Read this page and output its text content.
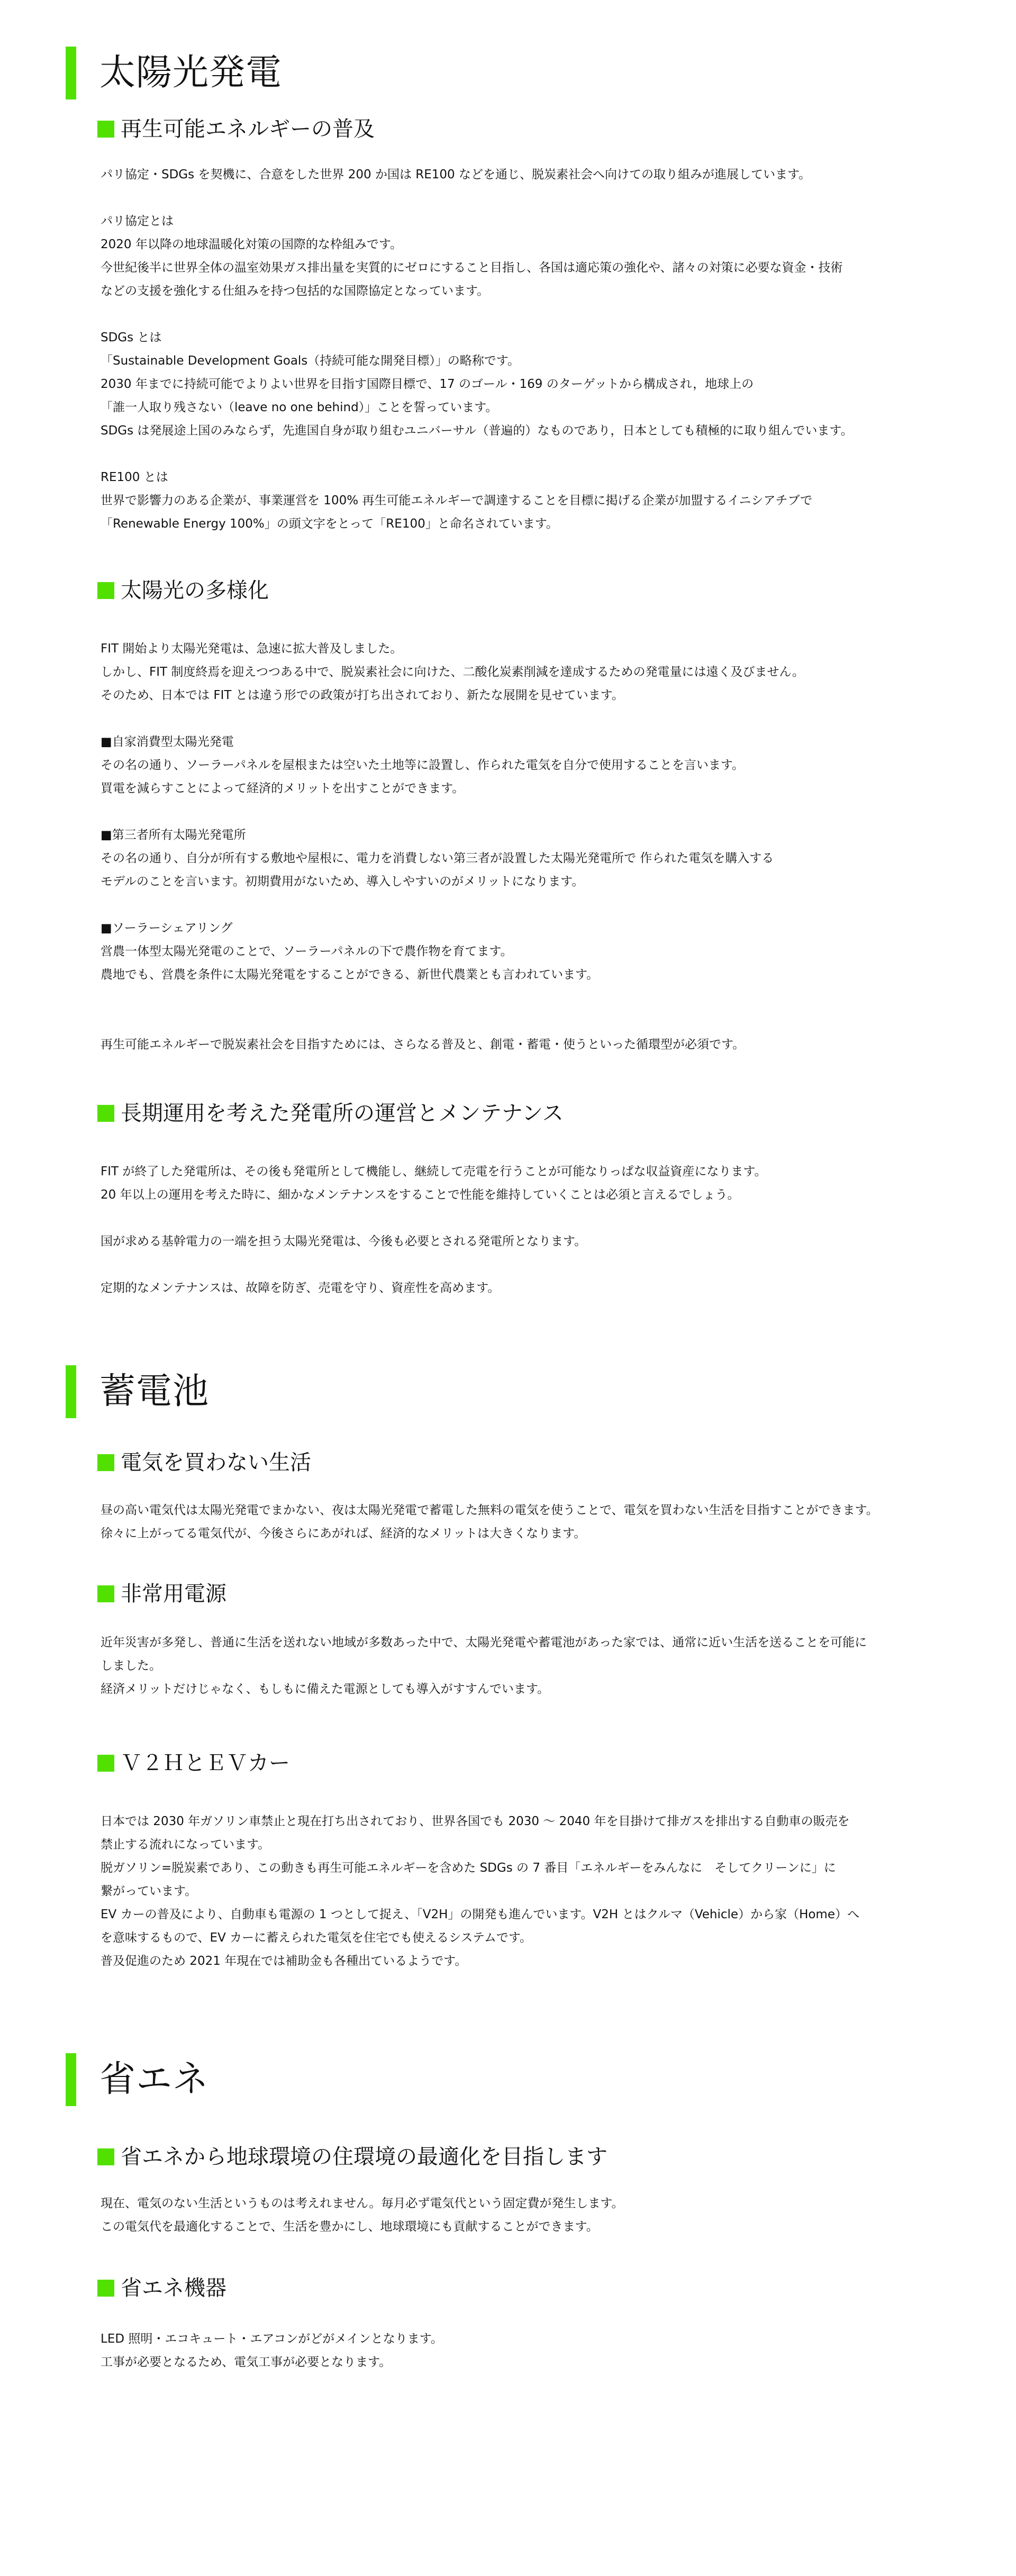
太陽光発電
再生可能エネルギーの普及
パリ協定・SDGs を契機に、合意をした世界 200 か国は RE100 などを通じ、脱炭素社会へ向けての取り組みが進展しています。
パリ協定とは
2020 年以降の地球温暖化対策の国際的な枠組みです。
今世紀後半に世界全体の温室効果ガス排出量を実質的にゼロにすること目指し、各国は適応策の強化や、諸々の対策に必要な資金・技術
などの支援を強化する仕組みを持つ包括的な国際協定となっています。
SDGs とは
「Sustainable Development Goals（持続可能な開発目標）」の略称です。
2030 年までに持続可能でよりよい世界を目指す国際目標で、17 のゴール・169 のターゲットから構成され，地球上の
「誰一人取り残さない（leave no one behind）」ことを誓っています。
SDGs は発展途上国のみならず，先進国自身が取り組むユニバーサル（普遍的）なものであり，日本としても積極的に取り組んでいます。
RE100 とは
世界で影響力のある企業が、事業運営を 100% 再生可能エネルギーで調達することを目標に掲げる企業が加盟するイニシアチブで
「Renewable Energy 100%」の頭文字をとって「RE100」と命名されています。
太陽光の多様化
FIT 開始より太陽光発電は、急速に拡大普及しました。
しかし、FIT 制度終焉を迎えつつある中で、脱炭素社会に向けた、二酸化炭素削減を達成するための発電量には遠く及びません。
そのため、日本では FIT とは違う形での政策が打ち出されており、新たな展開を見せています。
■自家消費型太陽光発電
その名の通り、ソーラーパネルを屋根または空いた土地等に設置し、作られた電気を自分で使用することを言います。
買電を減らすことによって経済的メリットを出すことができます。
■第三者所有太陽光発電所
その名の通り、自分が所有する敷地や屋根に、電力を消費しない第三者が設置した太陽光発電所で 作られた電気を購入する
モデルのことを言います。初期費用がないため、導入しやすいのがメリットになります。
■ソーラーシェアリング
営農一体型太陽光発電のことで、ソーラーパネルの下で農作物を育てます。
農地でも、営農を条件に太陽光発電をすることができる、新世代農業とも言われています。
再生可能エネルギーで脱炭素社会を目指すためには、さらなる普及と、創電・蓄電・使うといった循環型が必須です。
長期運用を考えた発電所の運営とメンテナンス
FIT が終了した発電所は、その後も発電所として機能し、継続して売電を行うことが可能なりっぱな収益資産になります。
20 年以上の運用を考えた時に、細かなメンテナンスをすることで性能を維持していくことは必須と言えるでしょう。
国が求める基幹電力の一端を担う太陽光発電は、今後も必要とされる発電所となります。
定期的なメンテナンスは、故障を防ぎ、売電を守り、資産性を高めます。
蓄電池
電気を買わない生活
昼の高い電気代は太陽光発電でまかない、夜は太陽光発電で蓄電した無料の電気を使うことで、電気を買わない生活を目指すことができます。
徐々に上がってる電気代が、今後さらにあがれば、経済的なメリットは大きくなります。
非常用電源
近年災害が多発し、普通に生活を送れない地域が多数あった中で、太陽光発電や蓄電池があった家では、通常に近い生活を送ることを可能に
しました。
経済メリットだけじゃなく、もしもに備えた電源としても導入がすすんでいます。
Ｖ２ＨとＥＶカー
日本では 2030 年ガソリン車禁止と現在打ち出されており、世界各国でも 2030 ～ 2040 年を目掛けて排ガスを排出する自動車の販売を
禁止する流れになっています。
脱ガソリン=脱炭素であり、この動きも再生可能エネルギーを含めた SDGs の 7 番目「エネルギーをみんなに　そしてクリーンに」に
繋がっています。
EV カーの普及により、自動車も電源の 1 つとして捉え、「V2H」の開発も進んでいます。V2H とはクルマ（Vehicle）から家（Home）へ
を意味するもので、EV カーに蓄えられた電気を住宅でも使えるシステムです。
普及促進のため 2021 年現在では補助金も各種出ているようです。
省エネ
省エネから地球環境の住環境の最適化を目指します
現在、電気のない生活というものは考えれません。毎月必ず電気代という固定費が発生します。
この電気代を最適化することで、生活を豊かにし、地球環境にも貢献することができます。
省エネ機器
LED 照明・エコキュート・エアコンがどがメインとなります。
工事が必要となるため、電気工事が必要となります。
